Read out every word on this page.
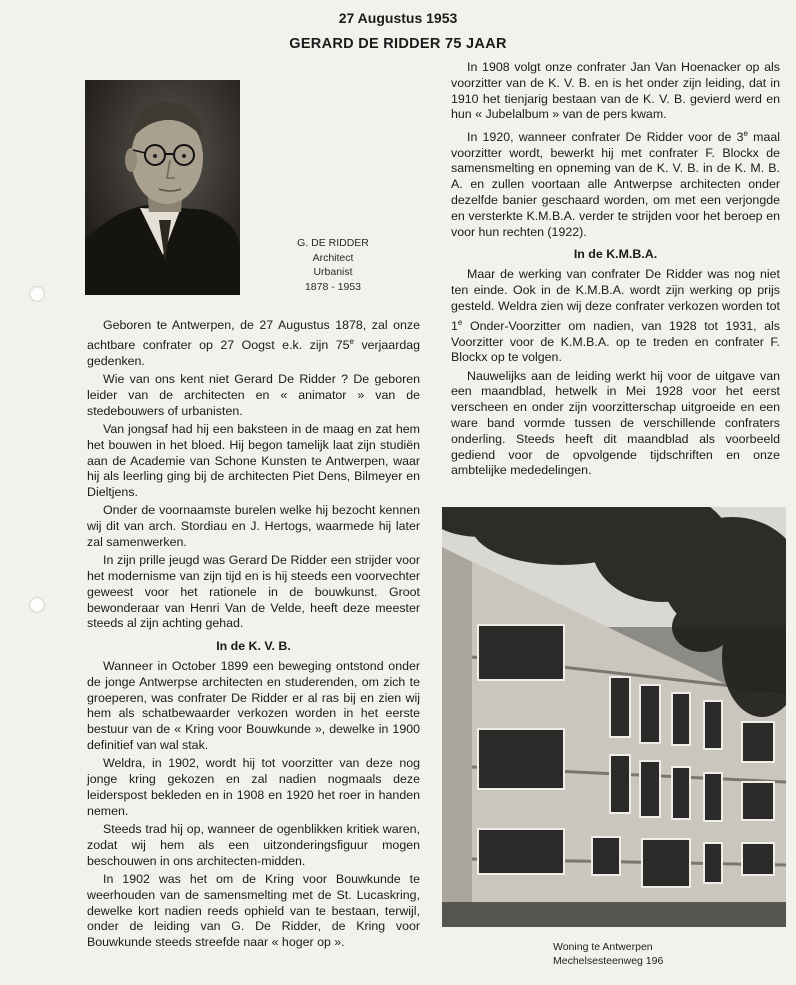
27 Augustus 1953
GERARD DE RIDDER 75 JAAR
G. DE RIDDER
Architect
Urbanist
1878 - 1953

Geboren te Antwerpen, de 27 Augustus 1878, zal onze achtbare confrater op 27 Oogst e.k. zijn 75e verjaardag gedenken.

Wie van ons kent niet Gerard De Ridder ? De geboren leider van de architecten en « animator » van de stedebouwers of urbanisten.

Van jongsaf had hij een baksteen in de maag en zat hem het bouwen in het bloed. Hij begon tamelijk laat zijn studiën aan de Academie van Schone Kunsten te Antwerpen, waar hij als leerling ging bij de architecten Piet Dens, Bilmeyer en Dieltjens.

Onder de voornaamste burelen welke hij bezocht kennen wij dit van arch. Stordiau en J. Hertogs, waarmede hij later zal samenwerken.

In zijn prille jeugd was Gerard De Ridder een strijder voor het modernisme van zijn tijd en is hij steeds een voorvechter geweest voor het rationele in de bouwkunst. Groot bewonderaar van Henri Van de Velde, heeft deze meester steeds al zijn achting gehad.

In de K. V. B.

Wanneer in October 1899 een beweging ontstond onder de jonge Antwerpse architecten en studerenden, om zich te groeperen, was confrater De Ridder er al ras bij en zien wij hem als schatbewaarder verkozen worden in het eerste bestuur van de « Kring voor Bouwkunde », dewelke in 1900 definitief van wal stak.

Weldra, in 1902, wordt hij tot voorzitter van deze nog jonge kring gekozen en zal nadien nogmaals deze leiderspost bekleden en in 1908 en 1920 het roer in handen nemen.

Steeds trad hij op, wanneer de ogenblikken kritiek waren, zodat wij hem als een uitzonderingsfiguur mogen beschouwen in ons architecten-midden.

In 1902 was het om de Kring voor Bouwkunde te weerhouden van de samensmelting met de St. Lucaskring, dewelke kort nadien reeds ophield van te bestaan, terwijl, onder de leiding van G. De Ridder, de Kring voor Bouwkunde steeds streefde naar « hoger op ».

In 1908 volgt onze confrater Jan Van Hoenacker op als voorzitter van de K. V. B. en is het onder zijn leiding, dat in 1910 het tienjarig bestaan van de K. V. B. gevierd werd en hun « Jubelalbum » van de pers kwam.

In 1920, wanneer confrater De Ridder voor de 3e maal voorzitter wordt, bewerkt hij met confrater F. Blockx de samensmelting en opneming van de K. V. B. in de K. M. B. A. en zullen voortaan alle Antwerpse architecten onder dezelfde banier geschaard worden, om met een verjongde en versterkte K.M.B.A. verder te strijden voor het beroep en voor hun rechten (1922).

In de K.M.B.A.

Maar de werking van confrater De Ridder was nog niet ten einde. Ook in de K.M.B.A. wordt zijn werking op prijs gesteld. Weldra zien wij deze confrater verkozen worden tot 1e Onder-Voorzitter om nadien, van 1928 tot 1931, als Voorzitter voor de K.M.B.A. op te treden en confrater F. Blockx op te volgen.

Nauwelijks aan de leiding werkt hij voor de uitgave van een maandblad, hetwelk in Mei 1928 voor het eerst verscheen en onder zijn voorzitterschap uitgroeide en een ware band vormde tussen de verschillende confraters onderling. Steeds heeft dit maandblad als voorbeeld gediend voor de opvolgende tijdschriften en onze ambtelijke mededelingen.

Woning te Antwerpen
Mechelsesteenweg 196
